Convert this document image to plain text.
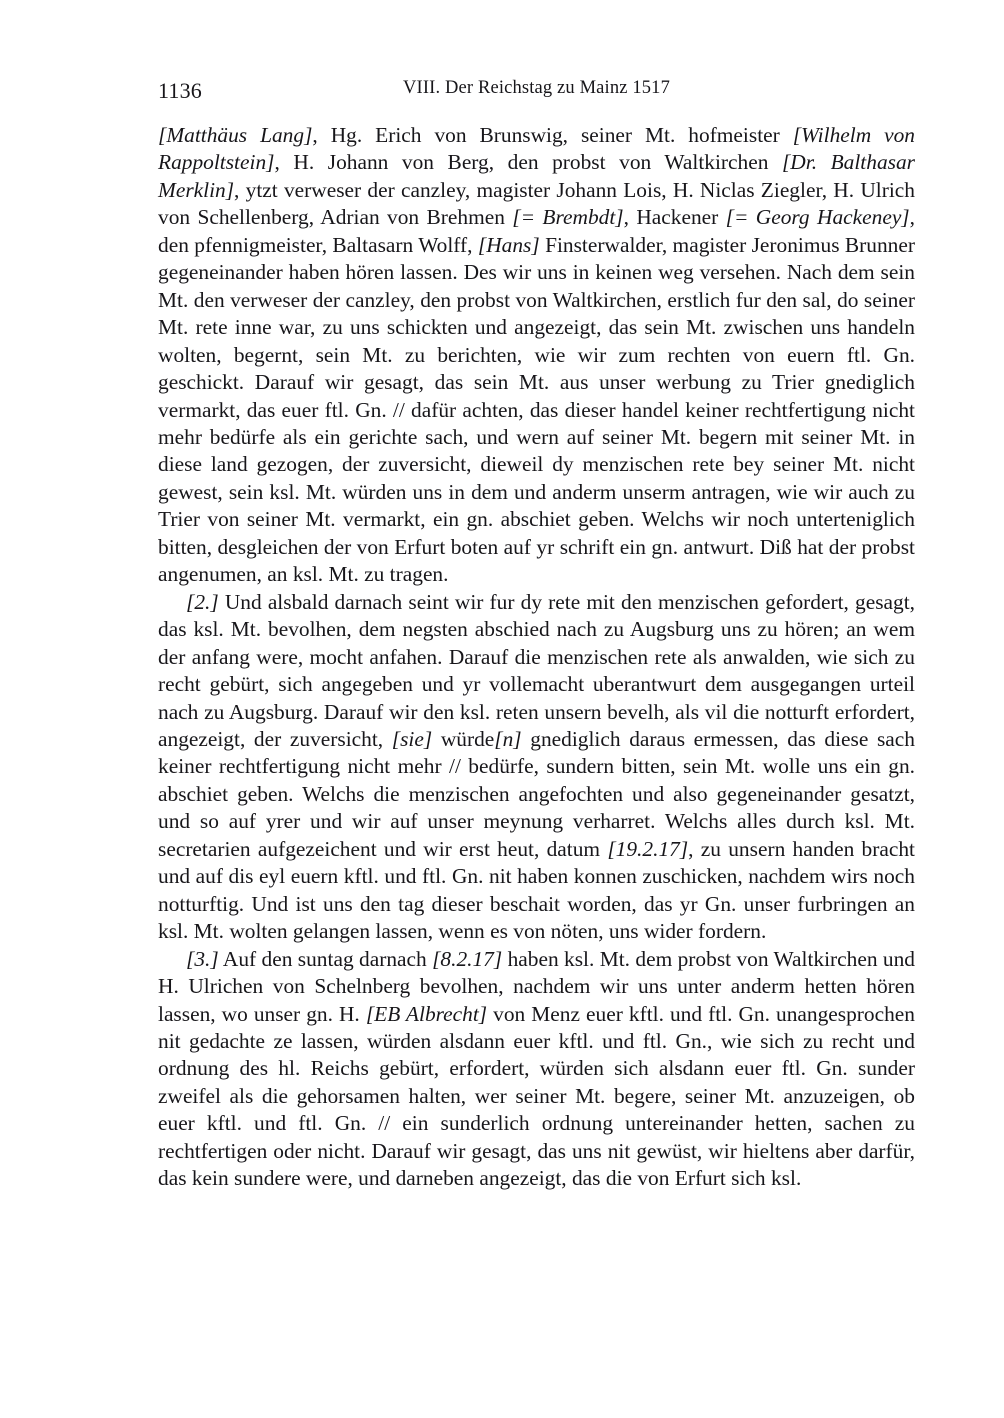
1136	VIII. Der Reichstag zu Mainz 1517

[Matthäus Lang], Hg. Erich von Brunswig, seiner Mt. hofmeister [Wilhelm von Rappoltstein], H. Johann von Berg, den probst von Waltkirchen [Dr. Balthasar Merklin], ytzt verweser der canzley, magister Johann Lois, H. Niclas Ziegler, H. Ulrich von Schellenberg, Adrian von Brehmen [= Brembdt], Hackener [= Georg Hackeney], den pfennigmeister, Baltasarn Wolff, [Hans] Finsterwalder, magister Jeronimus Brunner gegeneinander haben hören lassen. Des wir uns in keinen weg versehen. Nach dem sein Mt. den verweser der canzley, den probst von Waltkirchen, erstlich fur den sal, do seiner Mt. rete inne war, zu uns schickten und angezeigt, das sein Mt. zwischen uns handeln wolten, begernt, sein Mt. zu berichten, wie wir zum rechten von euern ftl. Gn. geschickt. Darauf wir gesagt, das sein Mt. aus unser werbung zu Trier gnediglich vermarkt, das euer ftl. Gn. // dafür achten, das dieser handel keiner rechtfertigung nicht mehr bedürfe als ein gerichte sach, und wern auf seiner Mt. begern mit seiner Mt. in diese land gezogen, der zuversicht, dieweil dy menzischen rete bey seiner Mt. nicht gewest, sein ksl. Mt. würden uns in dem und anderm unserm antragen, wie wir auch zu Trier von seiner Mt. vermarkt, ein gn. abschiet geben. Welchs wir noch unterteniglich bitten, desgleichen der von Erfurt boten auf yr schrift ein gn. antwurt. Diß hat der probst angenumen, an ksl. Mt. zu tragen.

[2.] Und alsbald darnach seint wir fur dy rete mit den menzischen gefordert, gesagt, das ksl. Mt. bevolhen, dem negsten abschied nach zu Augsburg uns zu hören; an wem der anfang were, mocht anfahen. Darauf die menzischen rete als anwalden, wie sich zu recht gebürt, sich angegeben und yr vollemacht uberantwurt dem ausgegangen urteil nach zu Augsburg. Darauf wir den ksl. reten unsern bevelh, als vil die notturft erfordert, angezeigt, der zuversicht, [sie] würde[n] gnediglich daraus ermessen, das diese sach keiner rechtfertigung nicht mehr // bedürfe, sundern bitten, sein Mt. wolle uns ein gn. abschiet geben. Welchs die menzischen angefochten und also gegeneinander gesatzt, und so auf yrer und wir auf unser meynung verharret. Welchs alles durch ksl. Mt. secretarien aufgezeichent und wir erst heut, datum [19.2.17], zu unsern handen bracht und auf dis eyl euern kftl. und ftl. Gn. nit haben konnen zuschicken, nachdem wirs noch notturftig. Und ist uns den tag dieser beschait worden, das yr Gn. unser furbringen an ksl. Mt. wolten gelangen lassen, wenn es von nöten, uns wider fordern.

[3.] Auf den suntag darnach [8.2.17] haben ksl. Mt. dem probst von Waltkirchen und H. Ulrichen von Schelnberg bevolhen, nachdem wir uns unter anderm hetten hören lassen, wo unser gn. H. [EB Albrecht] von Menz euer kftl. und ftl. Gn. unangesprochen nit gedachte ze lassen, würden alsdann euer kftl. und ftl. Gn., wie sich zu recht und ordnung des hl. Reichs gebürt, erfordert, würden sich alsdann euer ftl. Gn. sunder zweifel als die gehorsamen halten, wer seiner Mt. begere, seiner Mt. anzuzeigen, ob euer kftl. und ftl. Gn. // ein sunderlich ordnung untereinander hetten, sachen zu rechtfertigen oder nicht. Darauf wir gesagt, das uns nit gewüst, wir hieltens aber darfür, das kein sundere were, und darneben angezeigt, das die von Erfurt sich ksl.
